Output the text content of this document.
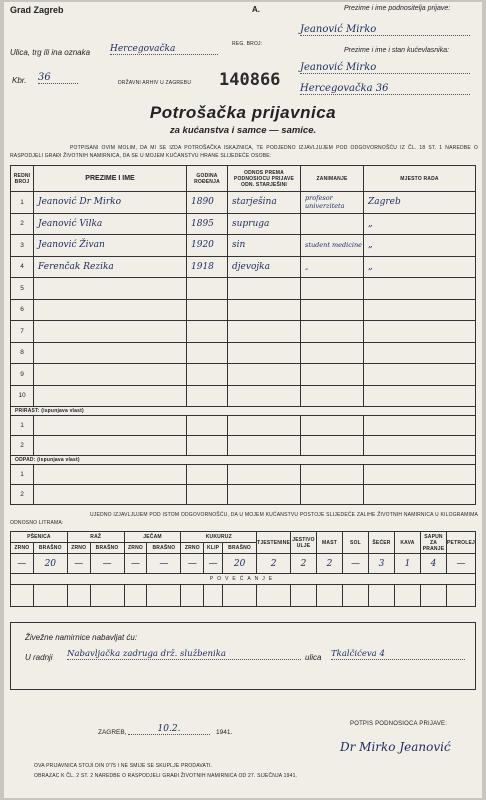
Grad Zagreb	A.
REG. BROJ:
Ulica, trg ili ina oznaka Hercegovačka
Kbr. 36	DRŽAVNI ARHIV U ZAGREBU 140866
Prezime i ime podnositelja prijave:
Jeanović Mirko
Prezime i ime i stan kućevlasnika:
Jeanović Mirko
Hercegovačka 36
Potrošačka prijavnica
za kućanstva i samce — samice.
POTPISANI OVIM MOLIM, DA MI SE IZDA POTROŠAČKA ISKAZNICA, TE PODJEDNO IZJAVLJUJEM POD ODGOVORNOŠĆU IZ ČL. 18 ST. 1 NAREDBE O RASPODJELI GRAĐI ŽIVOTNIH NAMIRNICA, DA SE U MOJEM KUĆANSTVU HRANE SLIJEDEĆE OSOBE:
REDNI BROJ	PREZIME I IME	GODINA ROĐENJA	ODNOS PREMA PODNOSIOCU PRIJAVE ODN. STARJEŠINI	ZANIMANJE	MJESTO RADA
1	Jeanović Dr Mirko	1890	starješina	profesor univerziteta	Zagreb
2	Jeanović Vilka	1895	supruga		„
3	Jeanović Živan	1920	sin	student medicine	„
4	Ferenčak Rezika	1918	djevojka	„	„
5					
6					
7					
8					
9					
10					
PRIRAST: (ispunjava vlast)					
1					
2					
ODPAD: (ispunjava vlast)					
1					
2					
UJEDNO IZJAVLJUJEM POD ISTOM ODGOVORNOŠĆU, DA U MOJEM KUĆANSTVU POSTOJE SLIJEDEĆE ZALIHE ŽIVOTNIH NAMIRNICA U KILOGRAMIMA ODNOSNO LITRAMA:
PŠENICA		RAŽ		JEČAM		KUKURUZ			TJESTENINE	JESTIVO ULJE	MAST	SOL	ŠEĆER	KAVA	SAPUN ZA PRANJE	PETROLEJ
ZRNO	BRAŠNO	ZRNO	BRAŠNO	ZRNO	BRAŠNO	ZRNO	KLIP	BRAŠNO								
—	20	—	—	—	—	—	—	20	2	2	2	—	3	1	4	—
POVEĆANJE																

Živežne namirnice nabavljat ću:
U radnji Nabavljačka zadruga drž. službenika	ulica Tkalčićeva 4
ZAGREB,	10.2.	1941.
POTPIS PODNOSIOCA PRIJAVE:
Dr Mirko Jeanović
OVA PRIJAVNICA STOJI DIN 0'75 I NE SMIJE SE SKUPLJE PRODAVATI.
OBRAZAC K ČL. 2 ST. 2 NAREDBE O RASPODJELI GRAĐI ŽIVOTNIH NAMIRNICA OD 27. SIJEČNJA 1941.
